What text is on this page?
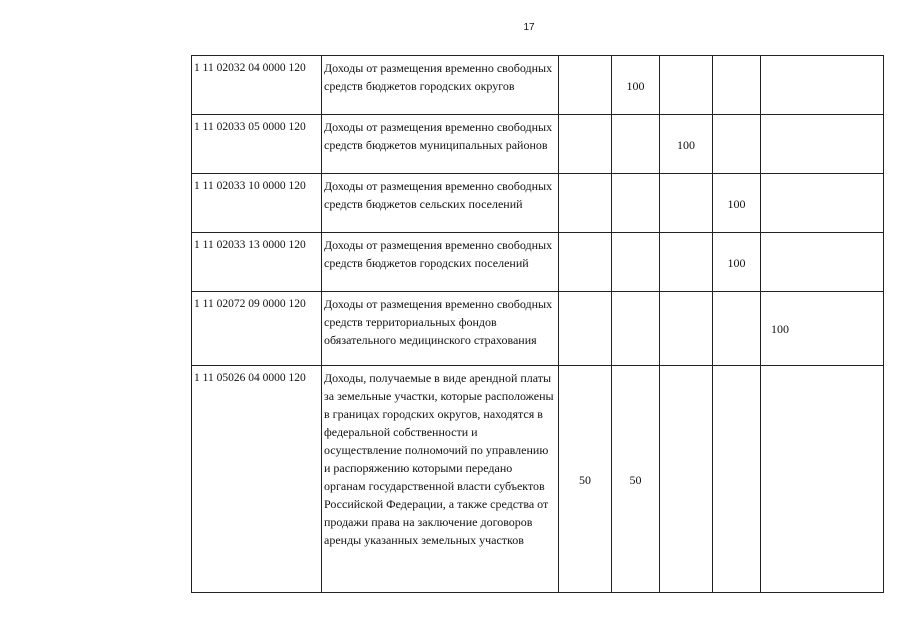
17
1 11 02032 04 0000 120	Доходы от размещения временно свободных средств бюджетов городских округов		100			
1 11 02033 05 0000 120	Доходы от размещения временно свободных средств бюджетов муниципальных районов			100		
1 11 02033 10 0000 120	Доходы от размещения временно свободных средств бюджетов сельских поселений				100	
1 11 02033 13 0000 120	Доходы от размещения временно свободных средств бюджетов городских поселений				100	
1 11 02072 09 0000 120	Доходы от размещения временно свободных средств территориальных фондов обязательного медицинского страхования					100
1 11 05026 04 0000 120	Доходы, получаемые в виде арендной платы за земельные участки, которые расположены в границах городских округов, находятся в федеральной собственности и осуществление полномочий по управлению и распоряжению которыми передано органам государственной власти субъектов Российской Федерации, а также средства от продажи права на заключение договоров аренды указанных земельных участков	50	50			
